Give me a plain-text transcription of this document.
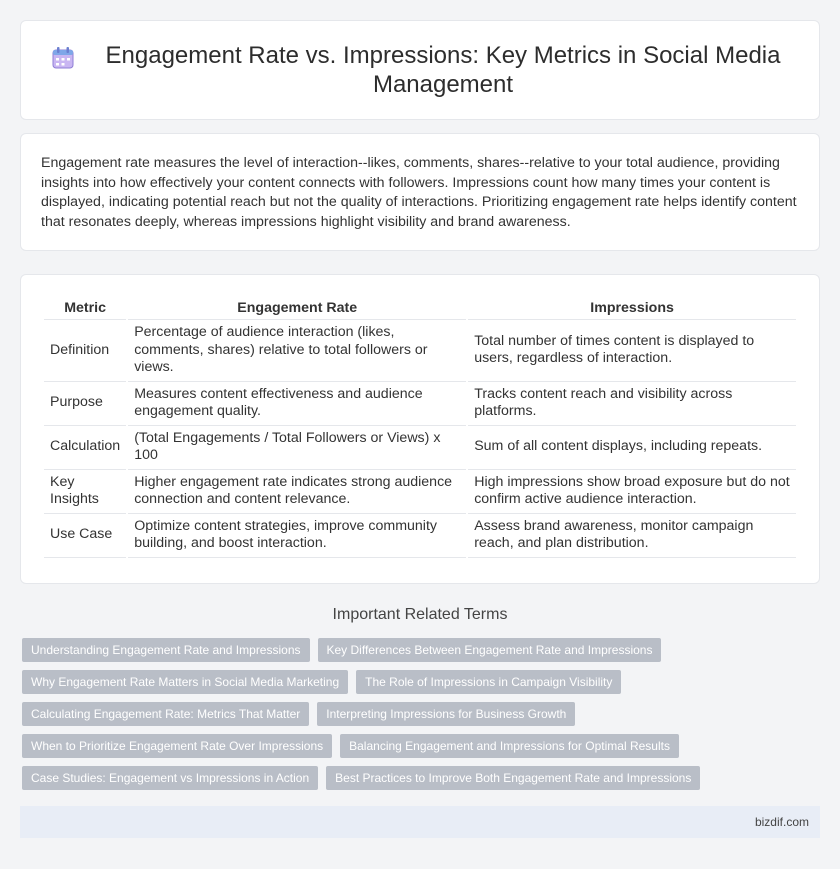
Engagement Rate vs. Impressions: Key Metrics in Social Media Management

Engagement rate measures the level of interaction--likes, comments, shares--relative to your total audience, providing insights into how effectively your content connects with followers. Impressions count how many times your content is displayed, indicating potential reach but not the quality of interactions. Prioritizing engagement rate helps identify content that resonates deeply, whereas impressions highlight visibility and brand awareness.

Metric	Engagement Rate	Impressions
Definition	Percentage of audience interaction (likes, comments, shares) relative to total followers or views.	Total number of times content is displayed to users, regardless of interaction.
Purpose	Measures content effectiveness and audience engagement quality.	Tracks content reach and visibility across platforms.
Calculation	(Total Engagements / Total Followers or Views) x 100	Sum of all content displays, including repeats.
Key Insights	Higher engagement rate indicates strong audience connection and content relevance.	High impressions show broad exposure but do not confirm active audience interaction.
Use Case	Optimize content strategies, improve community building, and boost interaction.	Assess brand awareness, monitor campaign reach, and plan distribution.
Important Related Terms
Understanding Engagement Rate and Impressions	Key Differences Between Engagement Rate and Impressions
Why Engagement Rate Matters in Social Media Marketing	The Role of Impressions in Campaign Visibility
Calculating Engagement Rate: Metrics That Matter	Interpreting Impressions for Business Growth
When to Prioritize Engagement Rate Over Impressions	Balancing Engagement and Impressions for Optimal Results
Case Studies: Engagement vs Impressions in Action	Best Practices to Improve Both Engagement Rate and Impressions
bizdif.com
